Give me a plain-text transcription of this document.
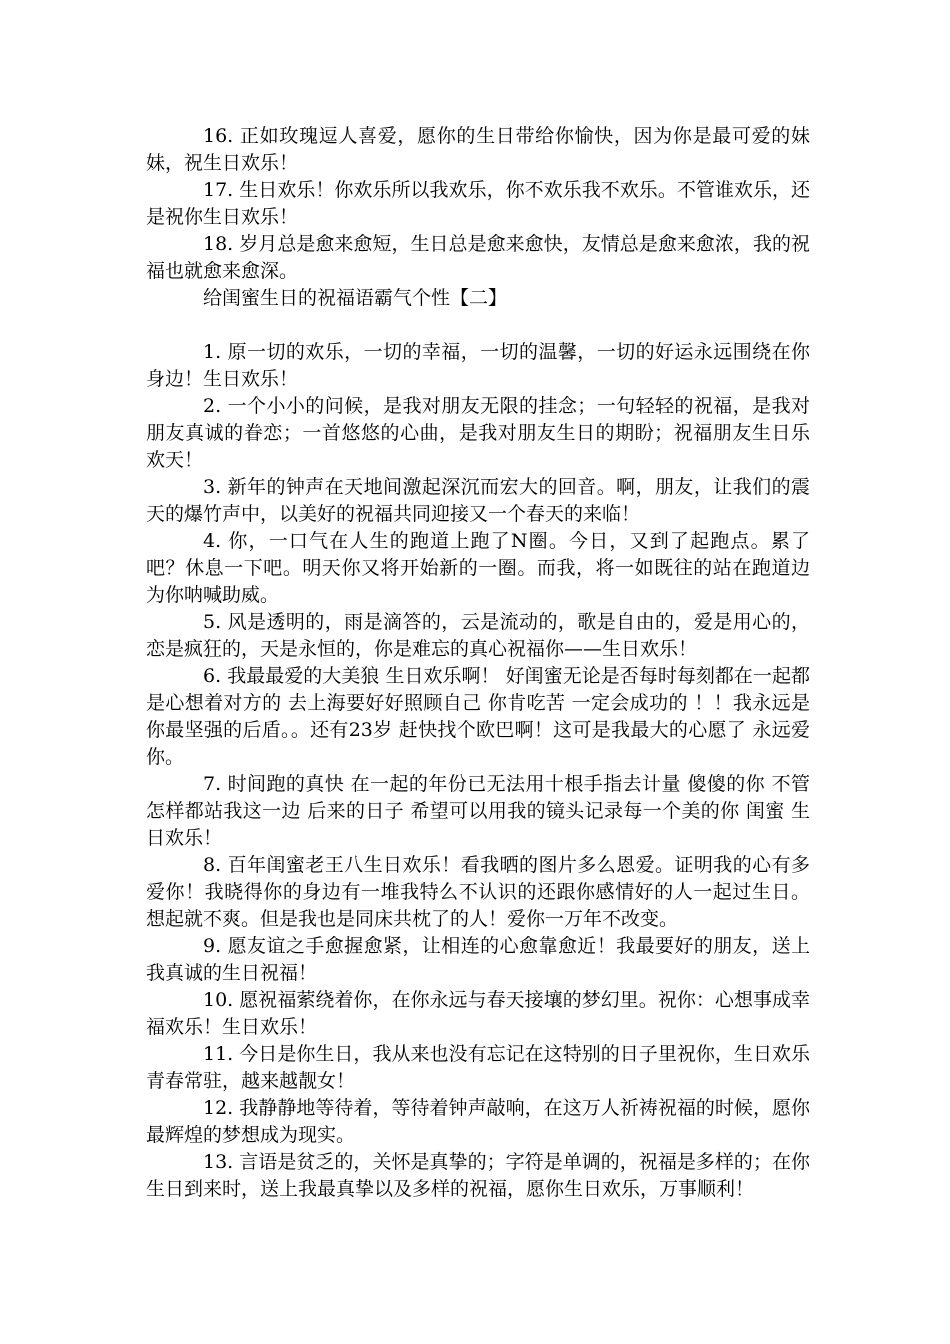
16. 正如玫瑰逗人喜爱，愿你的生日带给你愉快，因为你是最可爱的妹妹，祝生日欢乐！

17. 生日欢乐！你欢乐所以我欢乐，你不欢乐我不欢乐。不管谁欢乐，还是祝你生日欢乐！

18. 岁月总是愈来愈短，生日总是愈来愈快，友情总是愈来愈浓，我的祝福也就愈来愈深。

给闺蜜生日的祝福语霸气个性【二】

1. 原一切的欢乐，一切的幸福，一切的温馨，一切的好运永远围绕在你身边！生日欢乐！

2. 一个小小的问候，是我对朋友无限的挂念；一句轻轻的祝福，是我对朋友真诚的眷恋；一首悠悠的心曲，是我对朋友生日的期盼；祝福朋友生日乐欢天！

3. 新年的钟声在天地间激起深沉而宏大的回音。啊，朋友，让我们的震天的爆竹声中，以美好的祝福共同迎接又一个春天的来临！

4. 你，一口气在人生的跑道上跑了N圈。今日，又到了起跑点。累了吧？休息一下吧。明天你又将开始新的一圈。而我，将一如既往的站在跑道边为你呐喊助威。

5. 风是透明的，雨是滴答的，云是流动的，歌是自由的，爱是用心的，恋是疯狂的，天是永恒的，你是难忘的真心祝福你——生日欢乐！

6. 我最最爱的大美狼 生日欢乐啊！ 好闺蜜无论是否每时每刻都在一起都是心想着对方的 去上海要好好照顾自己 你肯吃苦 一定会成功的 ！！我永远是你最坚强的后盾。。还有23岁 赶快找个欧巴啊！这可是我最大的心愿了 永远爱你。

7. 时间跑的真快 在一起的年份已无法用十根手指去计量 傻傻的你 不管怎样都站我这一边 后来的日子 希望可以用我的镜头记录每一个美的你 闺蜜 生日欢乐！

8. 百年闺蜜老王八生日欢乐！看我晒的图片多么恩爱。证明我的心有多爱你！我晓得你的身边有一堆我特么不认识的还跟你感情好的人一起过生日。想起就不爽。但是我也是同床共枕了的人！爱你一万年不改变。

9. 愿友谊之手愈握愈紧，让相连的心愈靠愈近！我最要好的朋友，送上我真诚的生日祝福！

10. 愿祝福萦绕着你，在你永远与春天接壤的梦幻里。祝你：心想事成幸福欢乐！生日欢乐！

11. 今日是你生日，我从来也没有忘记在这特别的日子里祝你，生日欢乐青春常驻，越来越靓女！

12. 我静静地等待着，等待着钟声敲响，在这万人祈祷祝福的时候，愿你最辉煌的梦想成为现实。

13. 言语是贫乏的，关怀是真挚的；字符是单调的，祝福是多样的；在你生日到来时，送上我最真挚以及多样的祝福，愿你生日欢乐，万事顺利！
